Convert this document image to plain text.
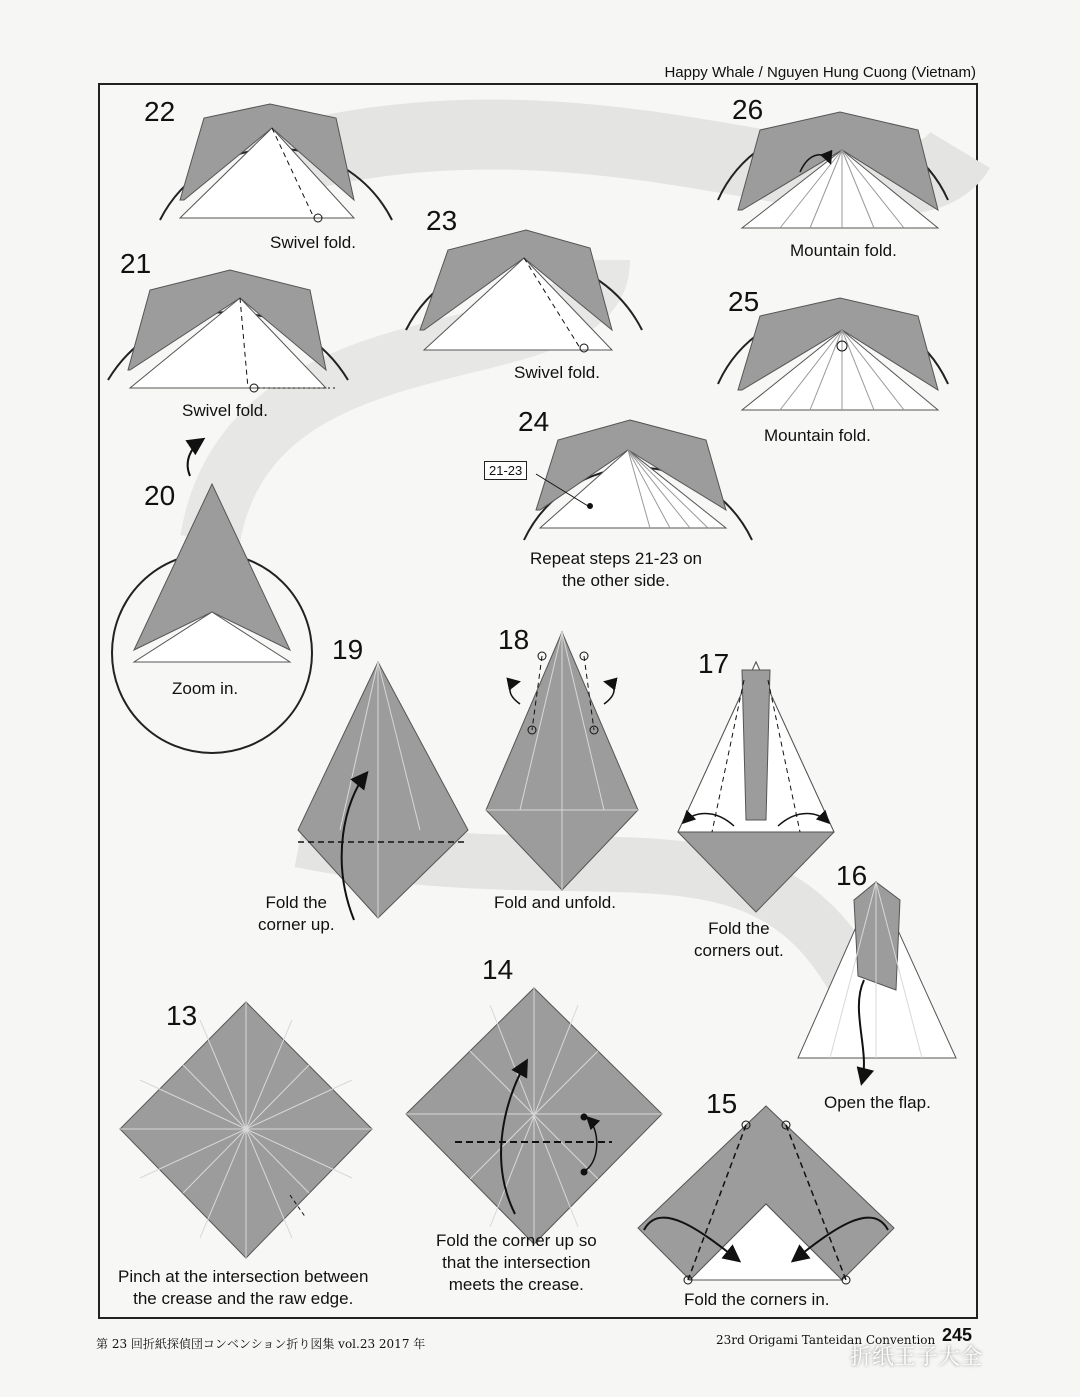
Happy Whale / Nguyen Hung Cuong (Vietnam)
22
21
23
26
25
24
20
19	18
17
16
13
14
15
Swivel fold.
Swivel fold.
Swivel fold.
Mountain fold.
Mountain fold.
21-23
Repeat steps 21-23 on
the other side.
Zoom in.
Fold the
corner up.
Fold and unfold.
Fold the
corners out.
Open the flap.
Pinch at the intersection between
the crease and the raw edge.
Fold the corner up so
that the intersection
meets the crease.
Fold the corners in.
第 23 回折紙探偵団コンベンション折り図集 vol.23 2017 年	23rd Origami Tanteidan Convention 245
折纸王子大全
